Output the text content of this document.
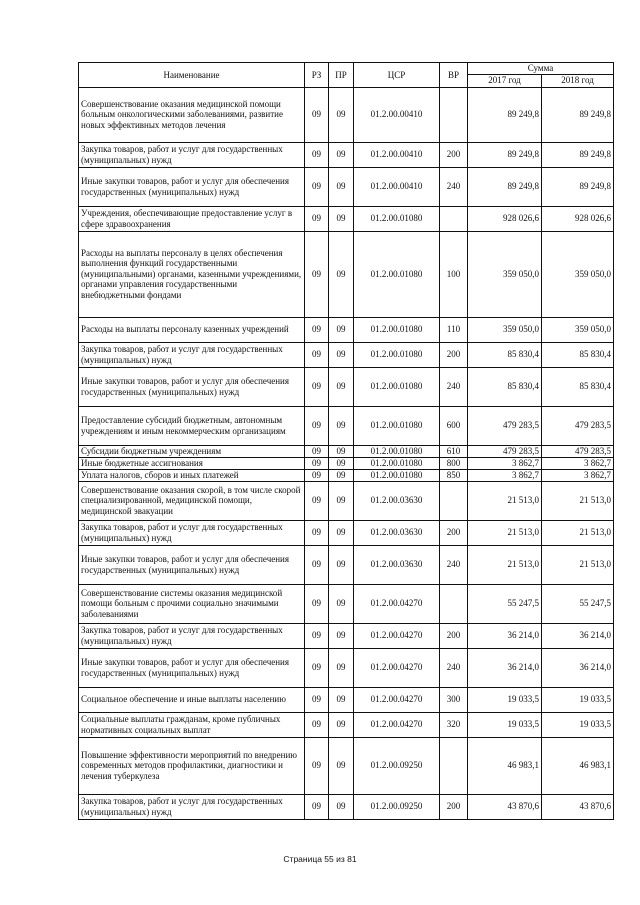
Наименование	РЗ	ПР	ЦСР	ВР	Сумма	
					2017 год	2018 год
Совершенствование оказания медицинской помощи больным онкологическими заболеваниями, развитие новых эффективных методов лечения	09	09	01.2.00.00410		89 249,8	89 249,8
Закупка товаров, работ и услуг для государственных (муниципальных) нужд	09	09	01.2.00.00410	200	89 249,8	89 249,8
Иные закупки товаров, работ и услуг для обеспечения государственных (муниципальных) нужд	09	09	01.2.00.00410	240	89 249,8	89 249,8
Учреждения, обеспечивающие предоставление услуг в сфере здравоохранения	09	09	01.2.00.01080		928 026,6	928 026,6
Расходы на выплаты персоналу в целях обеспечения выполнения функций государственными (муниципальными) органами, казенными учреждениями, органами управления государственными внебюджетными фондами	09	09	01.2.00.01080	100	359 050,0	359 050,0
Расходы на выплаты персоналу казенных учреждений	09	09	01.2.00.01080	110	359 050,0	359 050,0
Закупка товаров, работ и услуг для государственных (муниципальных) нужд	09	09	01.2.00.01080	200	85 830,4	85 830,4
Иные закупки товаров, работ и услуг для обеспечения государственных (муниципальных) нужд	09	09	01.2.00.01080	240	85 830,4	85 830,4
Предоставление субсидий бюджетным, автономным учреждениям и иным некоммерческим организациям	09	09	01.2.00.01080	600	479 283,5	479 283,5
Субсидии бюджетным учреждениям	09	09	01.2.00.01080	610	479 283,5	479 283,5
Иные бюджетные ассигнования	09	09	01.2.00.01080	800	3 862,7	3 862,7
Уплата налогов, сборов и иных платежей	09	09	01.2.00.01080	850	3 862,7	3 862,7
Совершенствование оказания скорой, в том числе скорой специализированной, медицинской помощи, медицинской эвакуации	09	09	01.2.00.03630		21 513,0	21 513,0
Закупка товаров, работ и услуг для государственных (муниципальных) нужд	09	09	01.2.00.03630	200	21 513,0	21 513,0
Иные закупки товаров, работ и услуг для обеспечения государственных (муниципальных) нужд	09	09	01.2.00.03630	240	21 513,0	21 513,0
Совершенствование системы оказания медицинской помощи больным с прочими социально значимыми заболеваниями	09	09	01.2.00.04270		55 247,5	55 247,5
Закупка товаров, работ и услуг для государственных (муниципальных) нужд	09	09	01.2.00.04270	200	36 214,0	36 214,0
Иные закупки товаров, работ и услуг для обеспечения государственных (муниципальных) нужд	09	09	01.2.00.04270	240	36 214,0	36 214,0
Социальное обеспечение и иные выплаты населению	09	09	01.2.00.04270	300	19 033,5	19 033,5
Социальные выплаты гражданам, кроме публичных нормативных социальных выплат	09	09	01.2.00.04270	320	19 033,5	19 033,5
Повышение эффективности мероприятий по внедрению современных методов профилактики, диагностики и лечения туберкулеза	09	09	01.2.00.09250		46 983,1	46 983,1
Закупка товаров, работ и услуг для государственных (муниципальных) нужд	09	09	01.2.00.09250	200	43 870,6	43 870,6
Страница 55 из 81
